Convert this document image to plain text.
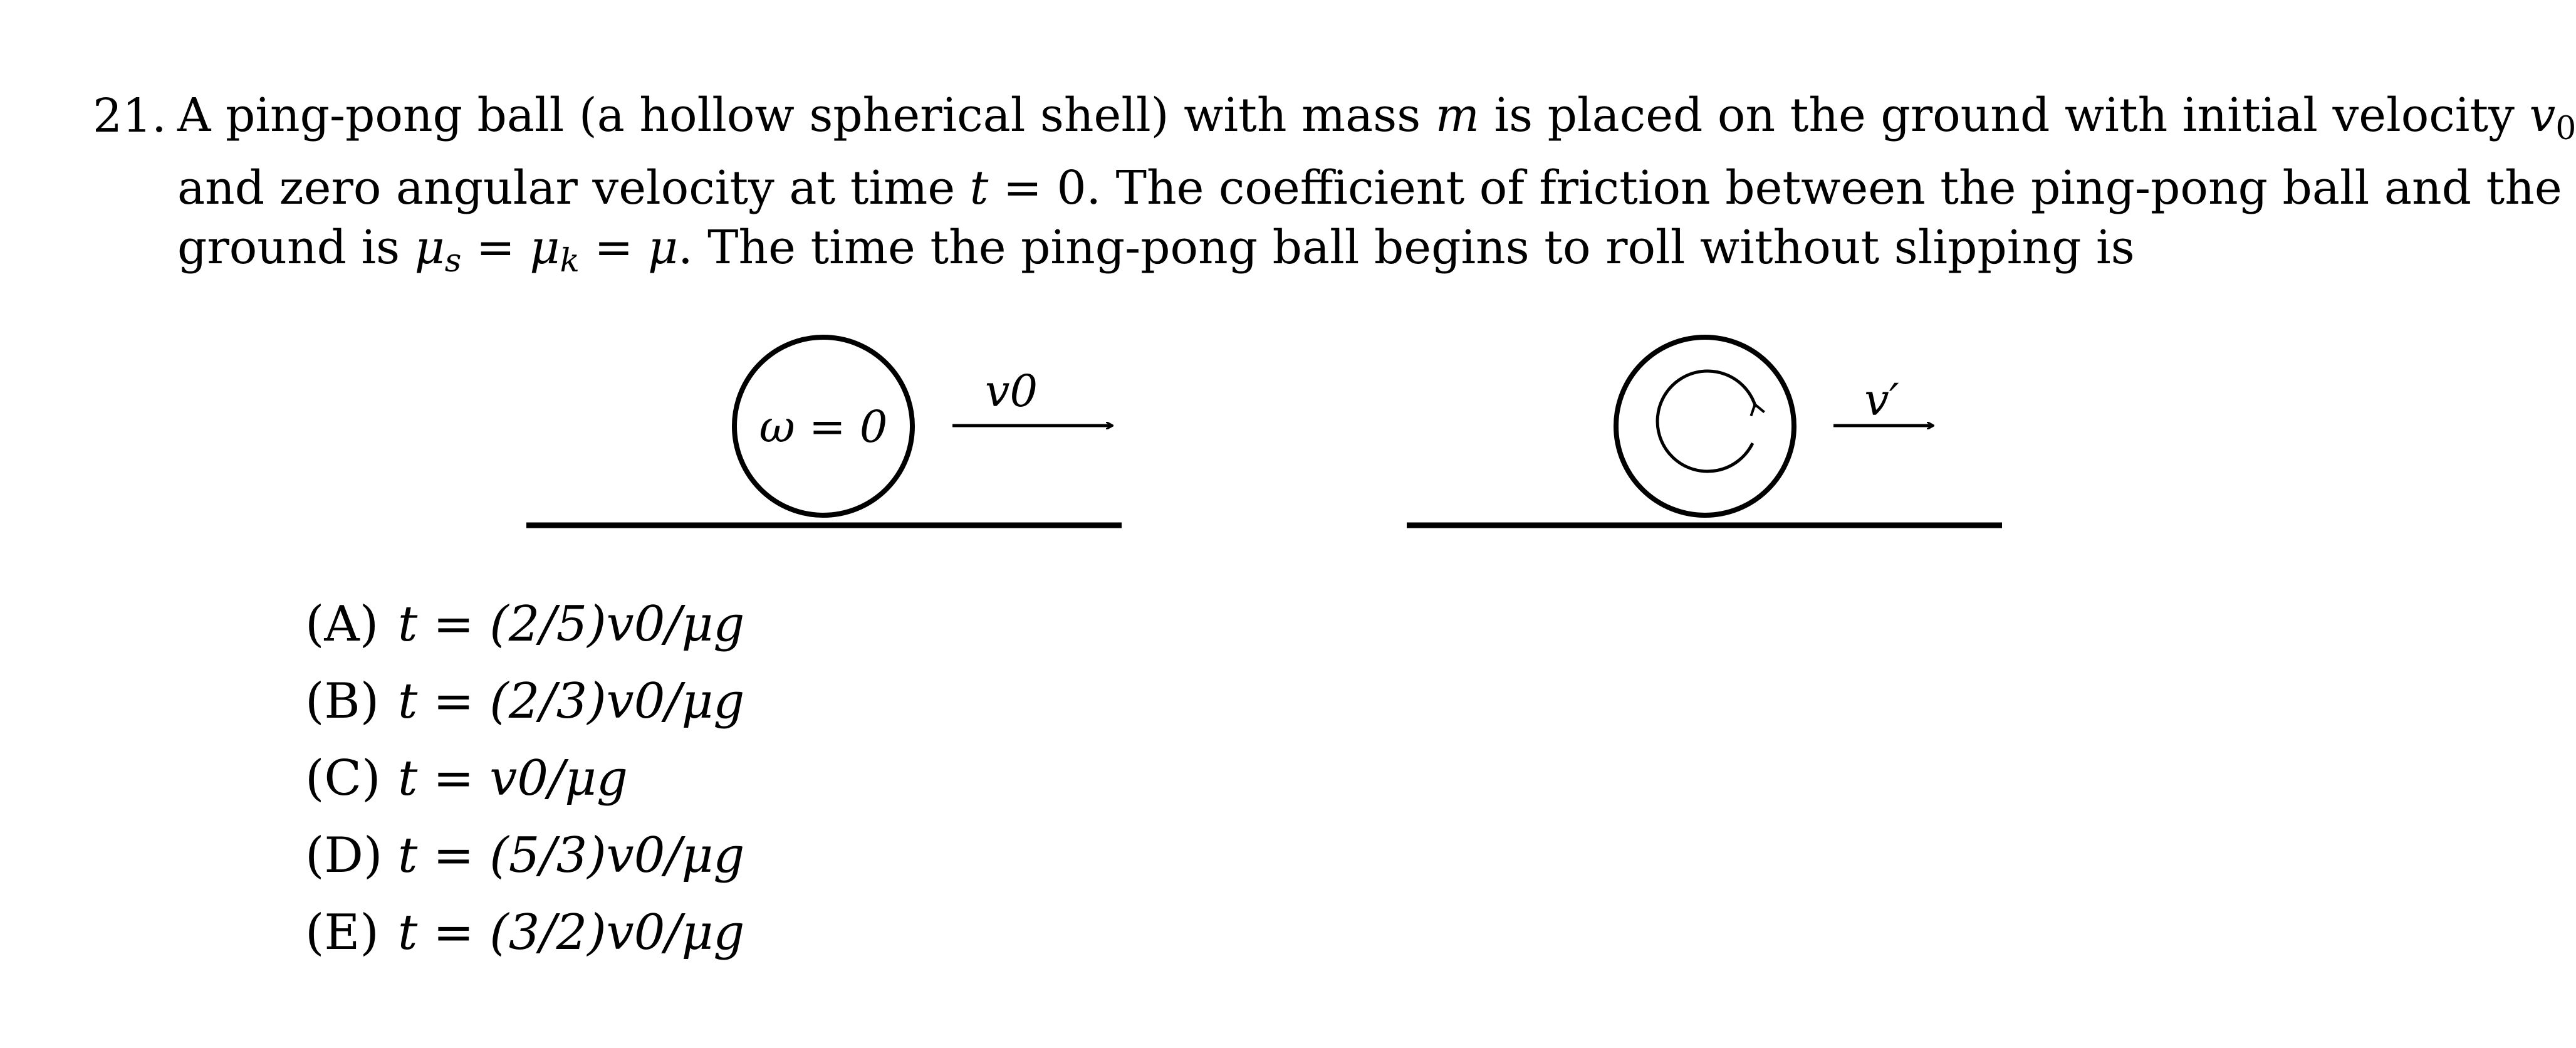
21. A ping-pong ball (a hollow spherical shell) with mass m is placed on the ground with initial velocity v0
and zero angular velocity at time t = 0. The coefficient of friction between the ping-pong ball and the
ground is $\mu_s = \mu_k = \mu$. The time the ping-pong ball begins to roll without slipping is
ω = 0
v0	v′
(A) t = (2/5)v0/μg
(B) t = (2/3)v0/μg
(C) t = v0/μg
(D) t = (5/3)v0/μg
(E) t = (3/2)v0/μg
